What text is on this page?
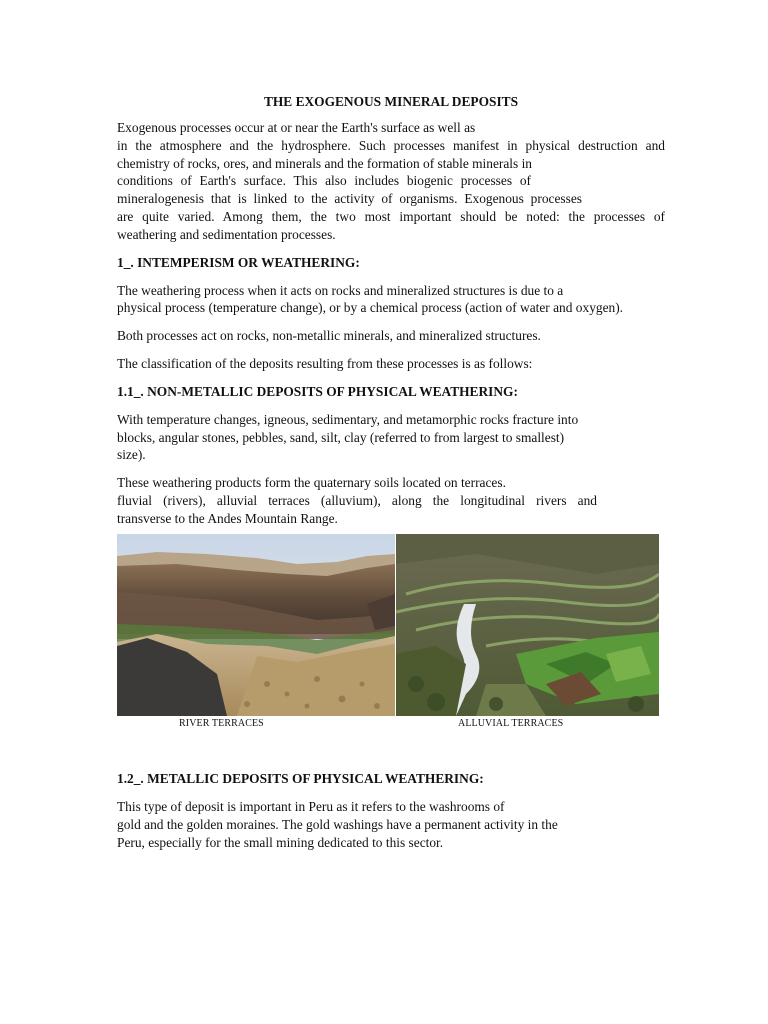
THE EXOGENOUS MINERAL DEPOSITS
Exogenous processes occur at or near the Earth's surface as well as
in the atmosphere and the hydrosphere. Such processes manifest in physical destruction and
chemistry of rocks, ores, and minerals and the formation of stable minerals in
conditions of Earth's surface. This also includes biogenic processes of
mineralogenesis that is linked to the activity of organisms. Exogenous processes
are quite varied. Among them, the two most important should be noted: the processes of
weathering and sedimentation processes.
1_. INTEMPERISM OR WEATHERING:
The weathering process when it acts on rocks and mineralized structures is due to a
physical process (temperature change), or by a chemical process (action of water and oxygen).
Both processes act on rocks, non-metallic minerals, and mineralized structures.
The classification of the deposits resulting from these processes is as follows:
1.1_. NON-METALLIC DEPOSITS OF PHYSICAL WEATHERING:
With temperature changes, igneous, sedimentary, and metamorphic rocks fracture into
blocks, angular stones, pebbles, sand, silt, clay (referred to from largest to smallest)
size).
These weathering products form the quaternary soils located on terraces.
fluvial (rivers), alluvial terraces (alluvium), along the longitudinal rivers and
transverse to the Andes Mountain Range.
RIVER TERRACES	ALLUVIAL TERRACES
1.2_. METALLIC DEPOSITS OF PHYSICAL WEATHERING:
This type of deposit is important in Peru as it refers to the washrooms of
gold and the golden moraines. The gold washings have a permanent activity in the
Peru, especially for the small mining dedicated to this sector.
